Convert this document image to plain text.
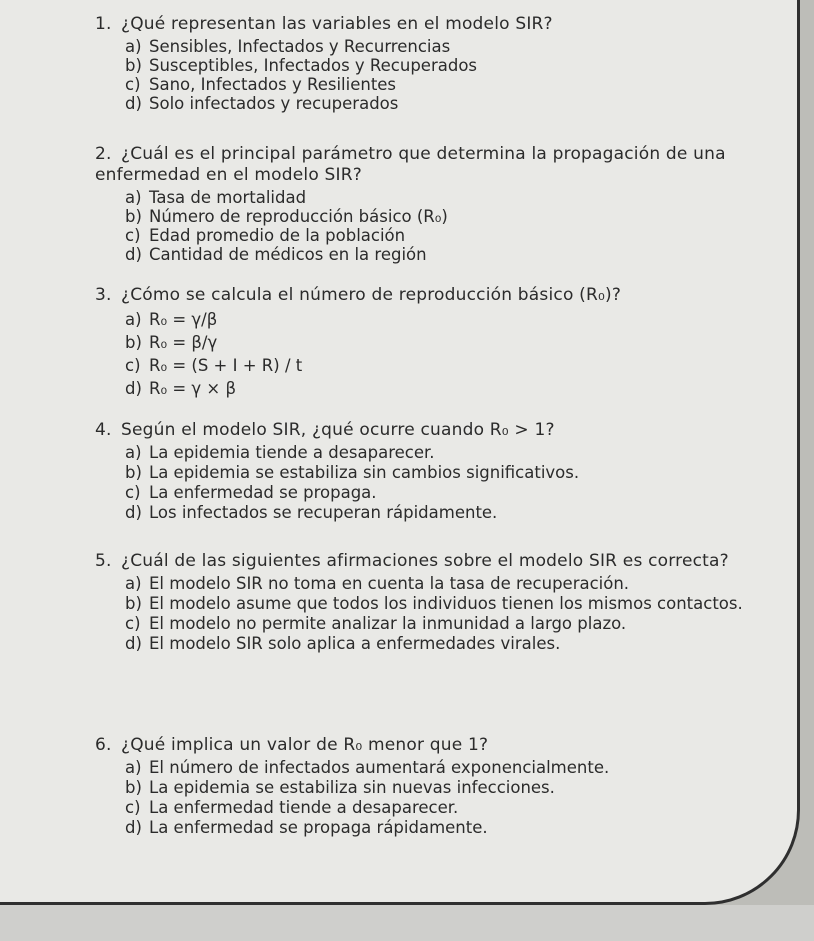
1. ¿Qué representan las variables en el modelo SIR?
a) Sensibles, Infectados y Recurrencias
b) Susceptibles, Infectados y Recuperados
c) Sano, Infectados y Resilientes
d) Solo infectados y recuperados
2. ¿Cuál es el principal parámetro que determina la propagación de una enfermedad en el modelo SIR?
a) Tasa de mortalidad
b) Número de reproducción básico (R₀)
c) Edad promedio de la población
d) Cantidad de médicos en la región
3. ¿Cómo se calcula el número de reproducción básico (R₀)?
a) R₀ = γ/β
b) R₀ = β/γ
c) R₀ = (S + I + R) / t
d) R₀ = γ × β
4. Según el modelo SIR, ¿qué ocurre cuando R₀ > 1?
a) La epidemia tiende a desaparecer.
b) La epidemia se estabiliza sin cambios significativos.
c) La enfermedad se propaga.
d) Los infectados se recuperan rápidamente.
5. ¿Cuál de las siguientes afirmaciones sobre el modelo SIR es correcta?
a) El modelo SIR no toma en cuenta la tasa de recuperación.
b) El modelo asume que todos los individuos tienen los mismos contactos.
c) El modelo no permite analizar la inmunidad a largo plazo.
d) El modelo SIR solo aplica a enfermedades virales.
6. ¿Qué implica un valor de R₀ menor que 1?
a) El número de infectados aumentará exponencialmente.
b) La epidemia se estabiliza sin nuevas infecciones.
c) La enfermedad tiende a desaparecer.
d) La enfermedad se propaga rápidamente.
